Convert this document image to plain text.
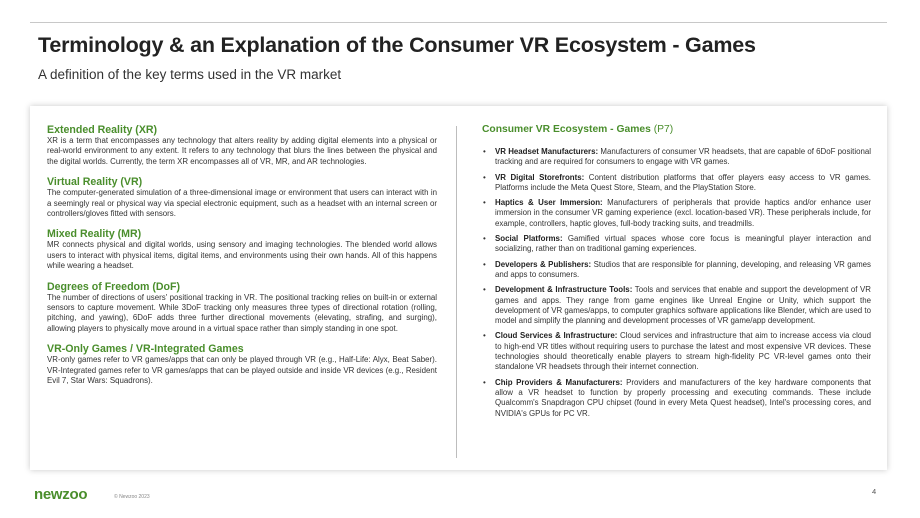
Terminology & an Explanation of the Consumer VR Ecosystem - Games
A definition of the key terms used in the VR market
Extended Reality (XR)
XR is a term that encompasses any technology that alters reality by adding digital elements into a physical or real-world environment to any extent. It refers to any technology that blurs the lines between the physical and the digital worlds. Currently, the term XR encompasses all of VR, MR, and AR technologies.
Virtual Reality (VR)
The computer-generated simulation of a three-dimensional image or environment that users can interact with in a seemingly real or physical way via special electronic equipment, such as a headset with an internal screen or controllers/gloves fitted with sensors.
Mixed Reality (MR)
MR connects physical and digital worlds, using sensory and imaging technologies. The blended world allows users to interact with physical items, digital items, and environments using their own hands. All of this happens while wearing a headset.
Degrees of Freedom (DoF)
The number of directions of users' positional tracking in VR. The positional tracking relies on built-in or external sensors to capture movement. While 3DoF tracking only measures three types of directional rotation (rolling, pitching, and yawing), 6DoF adds three further directional movements (elevating, strafing, and surging), allowing players to physically move around in a virtual space rather than simply standing in one spot.
VR-Only Games / VR-Integrated Games
VR-only games refer to VR games/apps that can only be played through VR (e.g., Half-Life: Alyx, Beat Saber). VR-Integrated games refer to VR games/apps that can be played outside and inside VR devices (e.g., Resident Evil 7, Star Wars: Squadrons).
Consumer VR Ecosystem - Games (P7)
• VR Headset Manufacturers: Manufacturers of consumer VR headsets, that are capable of 6DoF positional tracking and are required for consumers to engage with VR games.
• VR Digital Storefronts: Content distribution platforms that offer players easy access to VR games. Platforms include the Meta Quest Store, Steam, and the PlayStation Store.
• Haptics & User Immersion: Manufacturers of peripherals that provide haptics and/or enhance user immersion in the consumer VR gaming experience (excl. location-based VR). These peripherals include, for example, controllers, haptic gloves, full-body tracking suits, and treadmills.
• Social Platforms: Gamified virtual spaces whose core focus is meaningful player interaction and socializing, rather than on traditional gaming experiences.
• Developers & Publishers: Studios that are responsible for planning, developing, and releasing VR games and apps to consumers.
• Development & Infrastructure Tools: Tools and services that enable and support the development of VR games and apps. They range from game engines like Unreal Engine or Unity, which support the development of VR games/apps, to computer graphics software applications like Blender, which are used to model and simplify the planning and development processes of VR game/app development.
• Cloud Services & Infrastructure: Cloud services and infrastructure that aim to increase access via cloud to high-end VR titles without requiring users to purchase the latest and most expensive VR devices. These technologies should theoretically enable players to stream high-fidelity PC VR-level games onto their standalone VR headsets through their internet connection.
• Chip Providers & Manufacturers: Providers and manufacturers of the key hardware components that allow a VR headset to function by properly processing and executing commands. These include Qualcomm's Snapdragon CPU chipset (found in every Meta Quest headset), Intel's processing cores, and NVIDIA's GPUs for PC VR.
newzoo	© Newzoo 2023
4
